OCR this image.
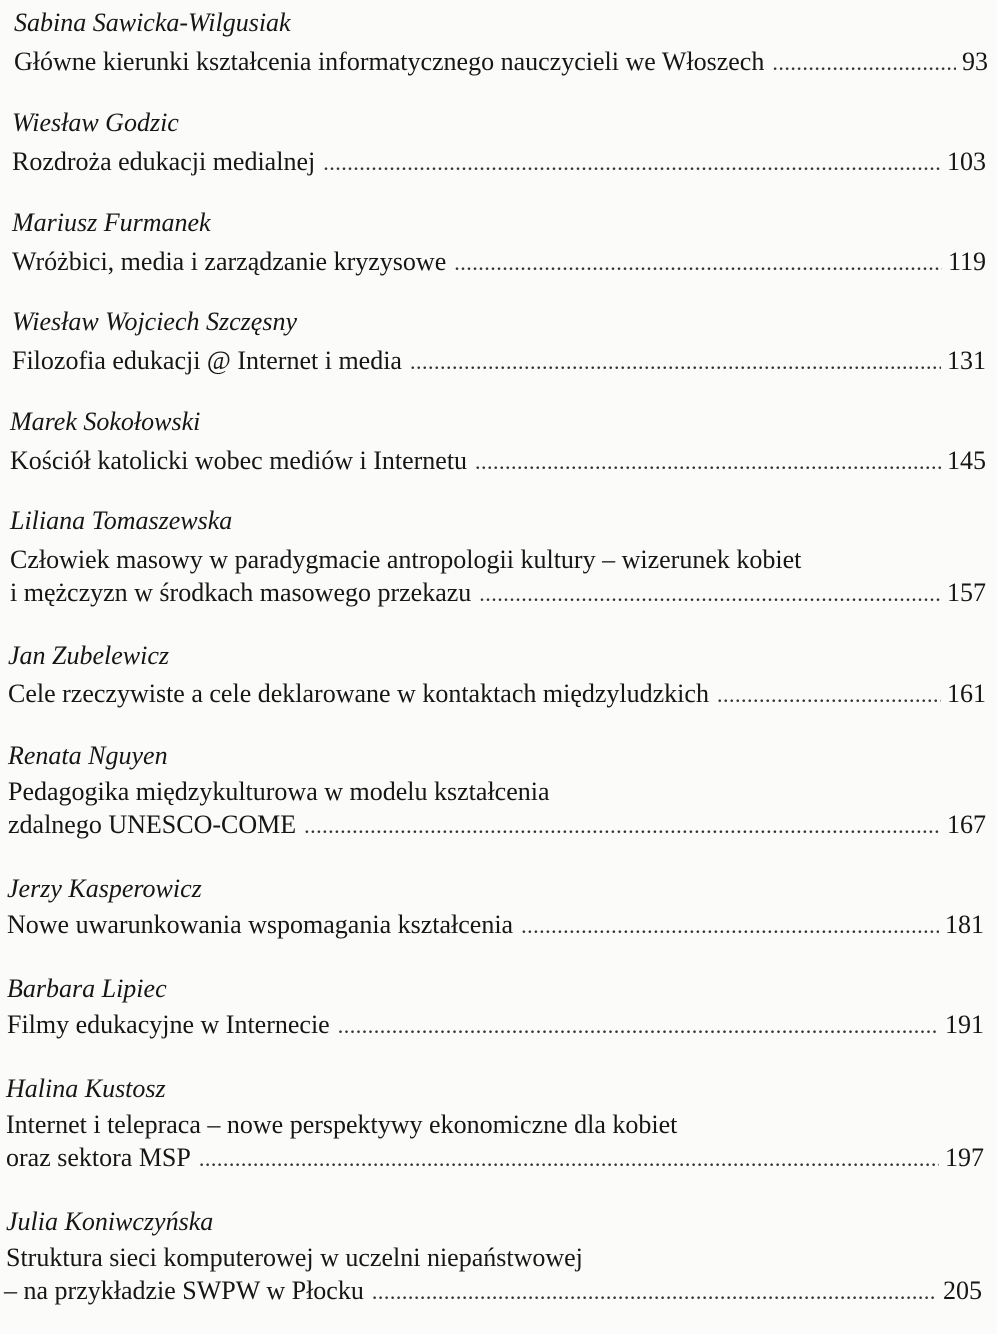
Sabina Sawicka-Wilgusiak
Główne kierunki kształcenia informatycznego nauczycieli we Włoszech .....	93
Wiesław Godzic
Rozdroża edukacji medialnej .....	103
Mariusz Furmanek
Wróżbici, media i zarządzanie kryzysowe .....	119
Wiesław Wojciech Szczęsny
Filozofia edukacji @ Internet i media .....	131
Marek Sokołowski
Kościół katolicki wobec mediów i Internetu .....	145
Liliana Tomaszewska
Człowiek masowy w paradygmacie antropologii kultury – wizerunek kobiet
i mężczyzn w środkach masowego przekazu .....	157
Jan Zubelewicz
Cele rzeczywiste a cele deklarowane w kontaktach międzyludzkich .....	161
Renata Nguyen
Pedagogika międzykulturowa w modelu kształcenia
zdalnego UNESCO-COME .....	167
Jerzy Kasperowicz
Nowe uwarunkowania wspomagania kształcenia .....	181
Barbara Lipiec
Filmy edukacyjne w Internecie .....	191
Halina Kustosz
Internet i telepraca – nowe perspektywy ekonomiczne dla kobiet
oraz sektora MSP .....	197
Julia Koniwczyńska
Struktura sieci komputerowej w uczelni niepaństwowej
– na przykładzie SWPW w Płocku .....	205
